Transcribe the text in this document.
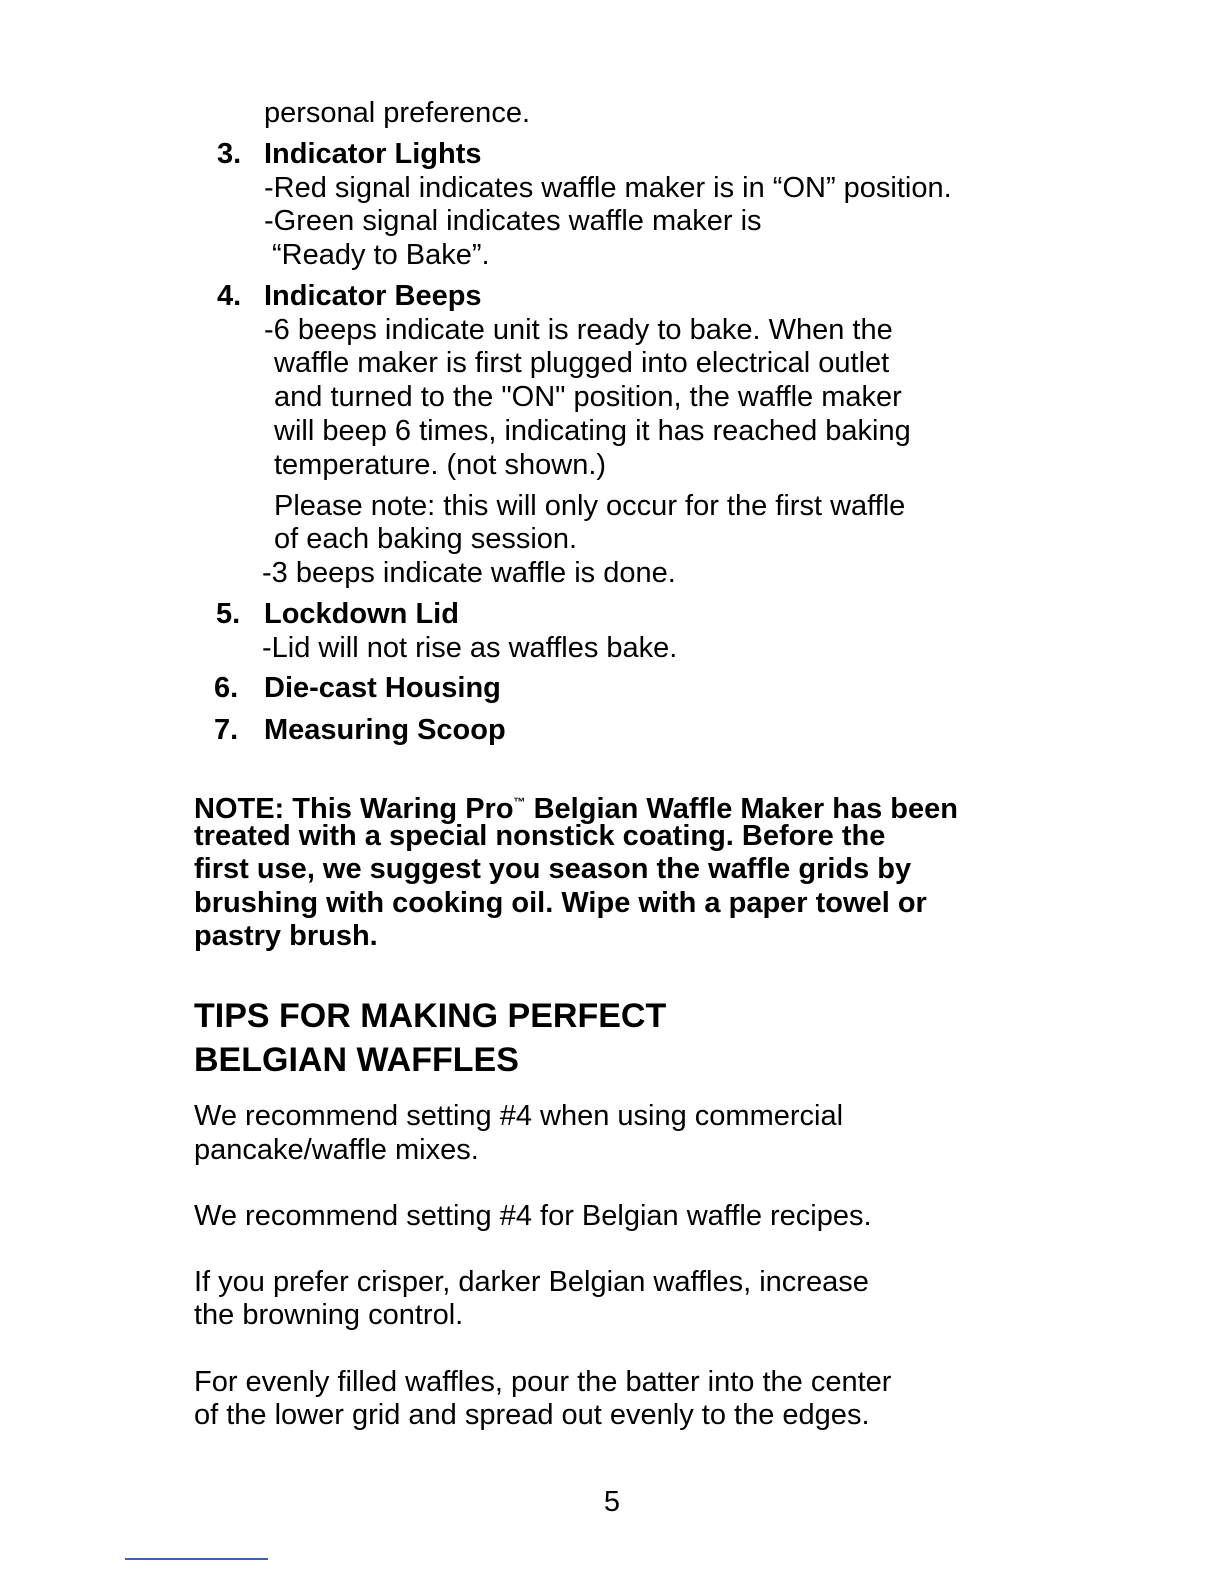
personal preference.
3. Indicator Lights
-Red signal indicates waffle maker is in “ON” position.
-Green signal indicates waffle maker is
“Ready to Bake”.
4. Indicator Beeps
-6 beeps indicate unit is ready to bake. When the
waffle maker is first plugged into electrical outlet
and turned to the "ON" position, the waffle maker
will beep 6 times, indicating it has reached baking
temperature. (not shown.)
Please note: this will only occur for the first waffle
of each baking session.
-3 beeps indicate waffle is done.
5. Lockdown Lid
-Lid will not rise as waffles bake.
6. Die-cast Housing
7. Measuring Scoop
NOTE: This Waring Pro™ Belgian Waffle Maker has been
treated with a special nonstick coating. Before the
first use, we suggest you season the waffle grids by
brushing with cooking oil. Wipe with a paper towel or
pastry brush.
TIPS FOR MAKING PERFECT
BELGIAN WAFFLES
We recommend setting #4 when using commercial
pancake/waffle mixes.
We recommend setting #4 for Belgian waffle recipes.
If you prefer crisper, darker Belgian waffles, increase
the browning control.
For evenly filled waffles, pour the batter into the center
of the lower grid and spread out evenly to the edges.
5
